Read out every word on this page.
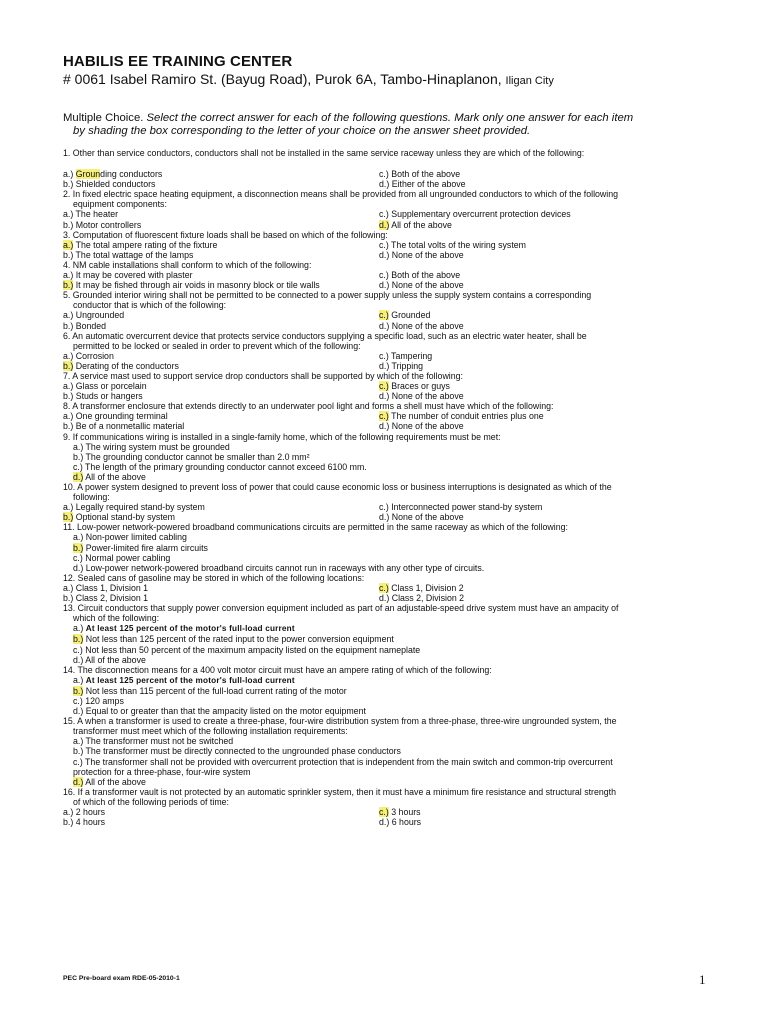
HABILIS EE TRAINING CENTER
# 0061 Isabel Ramiro St. (Bayug Road), Purok 6A, Tambo-Hinaplanon, Iligan City
Multiple Choice. Select the correct answer for each of the following questions. Mark only one answer for each item
by shading the box corresponding to the letter of your choice on the answer sheet provided.
1. Other than service conductors, conductors shall not be installed in the same service raceway unless they are which of the following:
a.) Grounding conductors	c.) Both of the above
b.) Shielded conductors	d.) Either of the above
2. In fixed electric space heating equipment, a disconnection means shall be provided from all ungrounded conductors to which of the following
equipment components:
a.) The heater	c.) Supplementary overcurrent protection devices
b.) Motor controllers	d.) All of the above
3. Computation of fluorescent fixture loads shall be based on which of the following:
a.) The total ampere rating of the fixture	c.) The total volts of the wiring system
b.) The total wattage of the lamps	d.) None of the above
4. NM cable installations shall conform to which of the following:
a.) It may be covered with plaster	c.) Both of the above
b.) It may be fished through air voids in masonry block or tile walls	d.) None of the above
5. Grounded interior wiring shall not be permitted to be connected to a power supply unless the supply system contains a corresponding
conductor that is which of the following:
a.) Ungrounded	c.) Grounded
b.) Bonded	d.) None of the above
6. An automatic overcurrent device that protects service conductors supplying a specific load, such as an electric water heater, shall be
permitted to be locked or sealed in order to prevent which of the following:
a.) Corrosion	c.) Tampering
b.) Derating of the conductors	d.) Tripping
7. A service mast used to support service drop conductors shall be supported by which of the following:
a.) Glass or porcelain	c.) Braces or guys
b.) Studs or hangers	d.) None of the above
8. A transformer enclosure that extends directly to an underwater pool light and forms a shell must have which of the following:
a.) One grounding terminal	c.) The number of conduit entries plus one
b.) Be of a nonmetallic material	d.) None of the above
9. If communications wiring is installed in a single-family home, which of the following requirements must be met:
a.) The wiring system must be grounded
b.) The grounding conductor cannot be smaller than 2.0 mm²
c.) The length of the primary grounding conductor cannot exceed 6100 mm.
d.) All of the above
10. A power system designed to prevent loss of power that could cause economic loss or business interruptions is designated as which of the
following:
a.) Legally required stand-by system	c.) Interconnected power stand-by system
b.) Optional stand-by system	d.) None of the above
11. Low-power network-powered broadband communications circuits are permitted in the same raceway as which of the following:
a.) Non-power limited cabling
b.) Power-limited fire alarm circuits
c.) Normal power cabling
d.) Low-power network-powered broadband circuits cannot run in raceways with any other type of circuits.
12. Sealed cans of gasoline may be stored in which of the following locations:
a.) Class 1, Division 1	c.) Class 1, Division 2
b.) Class 2, Division 1	d.) Class 2, Division 2
13. Circuit conductors that supply power conversion equipment included as part of an adjustable-speed drive system must have an ampacity of
which of the following:
a.) At least 125 percent of the motor's full-load current
b.) Not less than 125 percent of the rated input to the power conversion equipment
c.) Not less than 50 percent of the maximum ampacity listed on the equipment nameplate
d.) All of the above
14. The disconnection means for a 400 volt motor circuit must have an ampere rating of which of the following:
a.) At least 125 percent of the motor's full-load current
b.) Not less than 115 percent of the full-load current rating of the motor
c.) 120 amps
d.) Equal to or greater than that the ampacity listed on the motor equipment
15. A when a transformer is used to create a three-phase, four-wire distribution system from a three-phase, three-wire ungrounded system, the
transformer must meet which of the following installation requirements:
a.) The transformer must not be switched
b.) The transformer must be directly connected to the ungrounded phase conductors
c.) The transformer shall not be provided with overcurrent protection that is independent from the main switch and common-trip overcurrent
protection for a three-phase, four-wire system
d.) All of the above
16. If a transformer vault is not protected by an automatic sprinkler system, then it must have a minimum fire resistance and structural strength
of which of the following periods of time:
a.) 2 hours	c.) 3 hours
b.) 4 hours	d.) 6 hours
PEC Pre-board exam RDE-05-2010-1	1
